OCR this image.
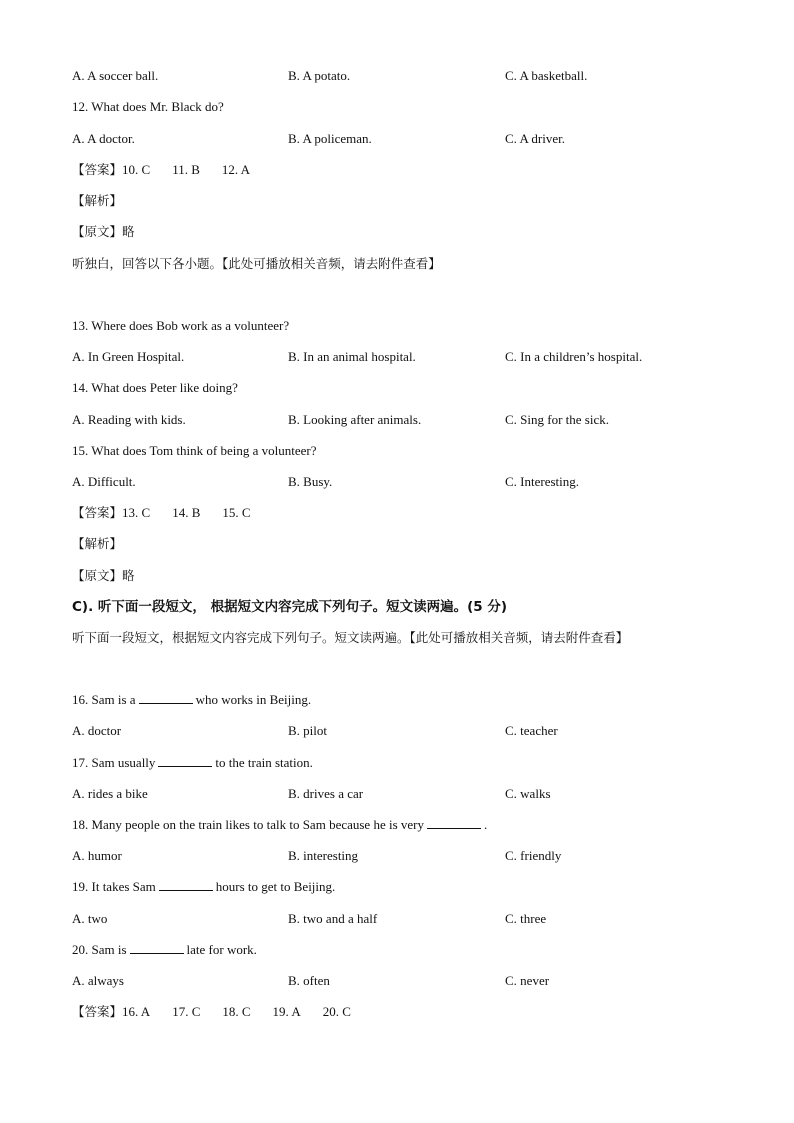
A. A soccer ball.	B. A potato.	C. A basketball.
12. What does Mr. Black do?
A. A doctor.	B. A policeman.	C. A driver.
【答案】10. C 11. B 12. A
【解析】
【原文】略
听独白，回答以下各小题。【此处可播放相关音频，请去附件查看】
13. Where does Bob work as a volunteer?
A. In Green Hospital.	B. In an animal hospital.	C. In a children’s hospital.
14. What does Peter like doing?
A. Reading with kids.	B. Looking after animals.	C. Sing for the sick.
15. What does Tom think of being a volunteer?
A. Difficult.	B. Busy.	C. Interesting.
【答案】13. C 14. B 15. C
【解析】
【原文】略
C). 听下面一段短文， 根据短文内容完成下列句子。短文读两遍。(5 分)
听下面一段短文，根据短文内容完成下列句子。短文读两遍。【此处可播放相关音频，请去附件查看】
16. Sam is a	who works in Beijing.
A. doctor	B. pilot	C. teacher
17. Sam usually	to the train station.
A. rides a bike	B. drives a car	C. walks
18. Many people on the train likes to talk to Sam because he is very	.
A. humor	B. interesting	C. friendly
19. It takes Sam	hours to get to Beijing.
A. two	B. two and a half	C. three
20. Sam is	late for work.
A. always	B. often	C. never
【答案】16. A 17. C 18. C 19. A 20. C
